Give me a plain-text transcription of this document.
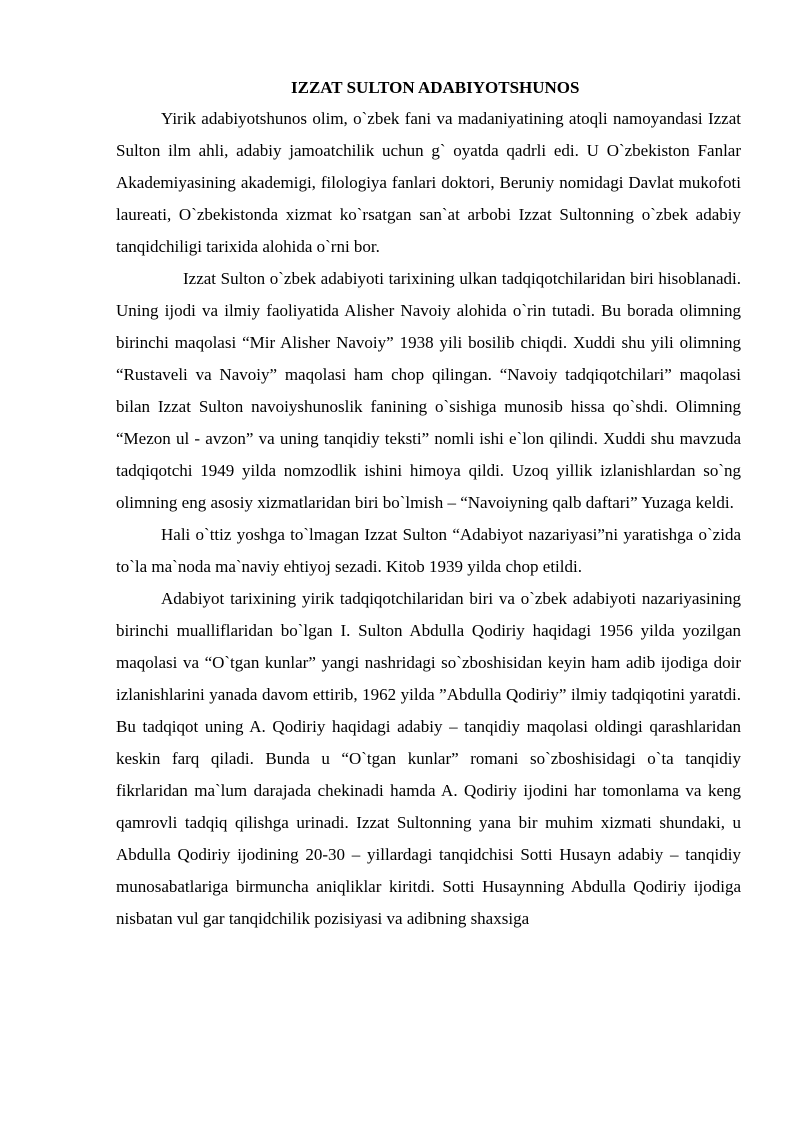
IZZAT SULTON ADABIYOTSHUNOS

Yirik adabiyotshunos olim, o`zbek fani va madaniyatining atoqli namoyandasi Izzat Sulton ilm ahli, adabiy jamoatchilik uchun g` oyatda qadrli edi. U O`zbekiston Fanlar Akademiyasining akademigi, filologiya fanlari doktori, Beruniy nomidagi Davlat mukofoti laureati, O`zbekistonda xizmat ko`rsatgan san`at arbobi Izzat Sultonning o`zbek adabiy tanqidchiligi tarixida alohida o`rni bor.

Izzat Sulton o`zbek adabiyoti tarixining ulkan tadqiqotchilaridan biri hisoblanadi. Uning ijodi va ilmiy faoliyatida Alisher Navoiy alohida o`rin tutadi. Bu borada olimning birinchi maqolasi “Mir Alisher Navoiy” 1938 yili bosilib chiqdi. Xuddi shu yili olimning “Rustaveli va Navoiy” maqolasi ham chop qilingan. “Navoiy tadqiqotchilari” maqolasi bilan Izzat Sulton navoiyshunoslik fanining o`sishiga munosib hissa qo`shdi. Olimning “Mezon ul - avzon” va uning tanqidiy teksti” nomli ishi e`lon qilindi. Xuddi shu mavzuda tadqiqotchi 1949 yilda nomzodlik ishini himoya qildi. Uzoq yillik izlanishlardan so`ng olimning eng asosiy xizmatlaridan biri bo`lmish – “Navoiyning qalb daftari” Yuzaga keldi.

Hali o`ttiz yoshga to`lmagan Izzat Sulton “Adabiyot nazariyasi”ni yaratishga o`zida to`la ma`noda ma`naviy ehtiyoj sezadi. Kitob 1939 yilda chop etildi.

Adabiyot tarixining yirik tadqiqotchilaridan biri va o`zbek adabiyoti nazariyasining birinchi mualliflaridan bo`lgan I. Sulton Abdulla Qodiriy haqidagi 1956 yilda yozilgan maqolasi va “O`tgan kunlar” yangi nashridagi so`zboshisidan keyin ham adib ijodiga doir izlanishlarini yanada davom ettirib, 1962 yilda ”Abdulla Qodiriy” ilmiy tadqiqotini yaratdi. Bu tadqiqot uning A. Qodiriy haqidagi adabiy – tanqidiy maqolasi oldingi qarashlaridan keskin farq qiladi. Bunda u “O`tgan kunlar” romani so`zboshisidagi o`ta tanqidiy fikrlaridan ma`lum darajada chekinadi hamda A. Qodiriy ijodini har tomonlama va keng qamrovli tadqiq qilishga urinadi. Izzat Sultonning yana bir muhim xizmati shundaki, u Abdulla Qodiriy ijodining 20-30 – yillardagi tanqidchisi Sotti Husayn adabiy – tanqidiy munosabatlariga birmuncha aniqliklar kiritdi. Sotti Husaynning Abdulla Qodiriy ijodiga nisbatan vul gar tanqidchilik pozisiyasi va adibning shaxsiga
